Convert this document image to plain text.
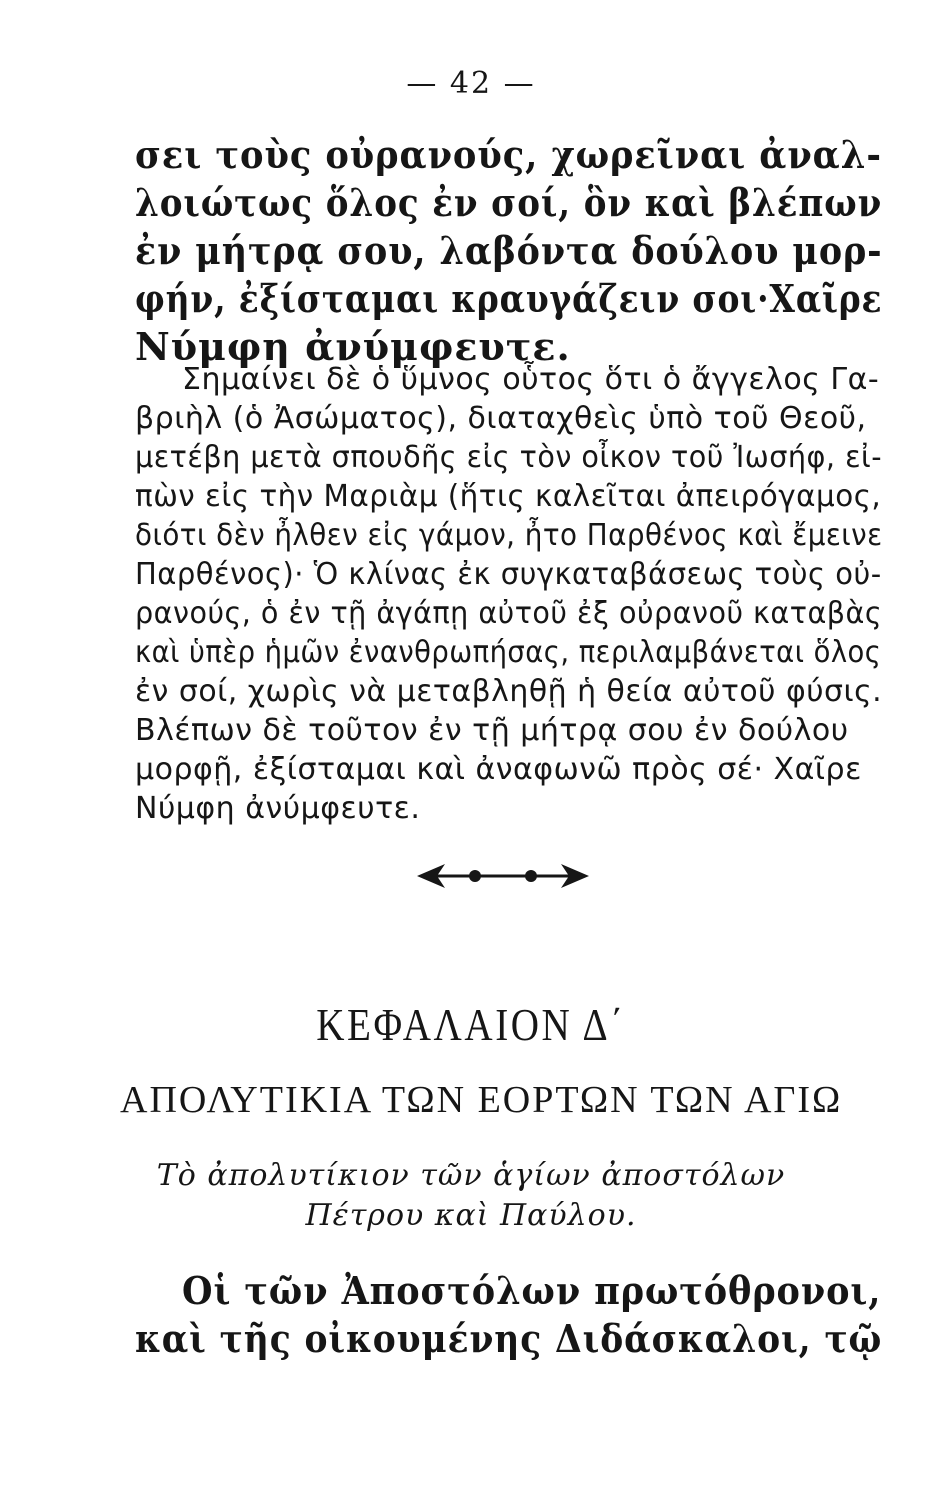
— 42 —
σει τοὺς οὐρανούς, χωρεῖναι ἀναλ-
λοιώτως ὅλος ἐν σοί, ὃν καὶ βλέπων
ἐν μήτρᾳ σου, λαβόντα δούλου μορ-
φήν, ἐξίσταμαι κραυγάζειν σοι·Χαῖρε
Νύμφη ἀνύμφευτε.
Σημαίνει δὲ ὁ ὕμνος οὗτος ὅτι ὁ ἄγγελος Γα-
βριὴλ (ὁ Ἀσώματος), διαταχθεὶς ὑπὸ τοῦ Θεοῦ,
μετέβη μετὰ σπουδῆς εἰς τὸν οἶκον τοῦ Ἰωσήφ, εἰ-
πὼν εἰς τὴν Μαριὰμ (ἥτις καλεῖται ἀπειρόγαμος,
διότι δὲν ἦλθεν εἰς γάμον, ἦτο Παρθένος καὶ ἔμεινε
Παρθένος)· Ὁ κλίνας ἐκ συγκαταβάσεως τοὺς οὐ-
ρανούς, ὁ ἐν τῇ ἀγάπῃ αὐτοῦ ἐξ οὐρανοῦ καταβὰς
καὶ ὑπὲρ ἡμῶν ἐνανθρωπήσας, περιλαμβάνεται ὅλος
ἐν σοί, χωρὶς νὰ μεταβληθῇ ἡ θεία αὐτοῦ φύσις.
Βλέπων δὲ τοῦτον ἐν τῇ μήτρᾳ σου ἐν δούλου
μορφῇ, ἐξίσταμαι καὶ ἀναφωνῶ πρὸς σέ· Χαῖρε
Νύμφη ἀνύμφευτε.
ΚΕΦΑΛΑΙΟΝ Δ΄
ΑΠΟΛΥΤΙΚΙΑ ΤΩΝ ΕΟΡΤΩΝ ΤΩΝ ΑΓΙΩ
Τὸ ἀπολυτίκιον τῶν ἁγίων ἀποστόλων
Πέτρου καὶ Παύλου.
Οἱ τῶν Ἀποστόλων πρωτόθρονοι,
καὶ τῆς οἰκουμένης Διδάσκαλοι, τῷ
